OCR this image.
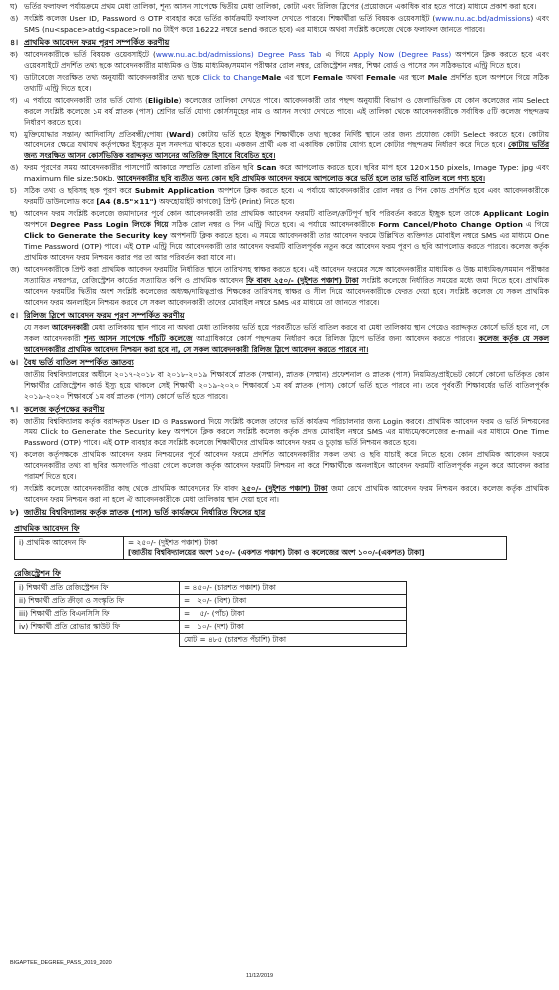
ঘ) ভর্তির ফলাফল পর্যায়ক্রমে প্রথম মেধা তালিকা, শূন্য আসন সাপেক্ষে দ্বিতীয় মেধা তালিকা, কোটা এবং রিলিজ স্লিপের (প্রয়োজনে একাধিক বার হতে পারে) মাধ্যমে প্রকাশ করা হবে।
ঙ) সংশ্লিষ্ট কলেজ User ID, Password ও OTP ব্যবহার করে ভর্তির কার্যক্রমটি ফলাফল দেখতে পারবে। শিক্ষার্থীরা ভর্তি বিষয়ক ওয়েবসাইট (www.nu.ac.bd/admissions) এবং SMS (nu<space>atdg<space>roll no টাইপ করে 16222 নম্বরে send করতে হবে) এর মাধ্যমে অথবা সংশ্লিষ্ট কলেজে থেকে ফলাফল জানতে পারবে।
৪। প্রাথমিক আবেদন ফরম পূরণ সম্পর্কিত করণীয়
ক) আবেদনকারীকে ভর্তি বিষয়ক ওয়েবসাইটে (www.nu.ac.bd/admissions) Degree Pass Tab এ গিয়ে Apply Now (Degree Pass) অপশনে ক্লিক করতে হবে এবং ওয়েবসাইটে প্রদর্শিত তথ্য ছকে আবেদনকারীর মাধ্যমিক ও উচ্চ মাধ্যমিক/সমমান পরীক্ষার রোল নম্বর, রেজিস্ট্রেশন নম্বর, শিক্ষা বোর্ড ও পাসের সন সঠিকভাবে এন্ট্রি দিতে হবে।
খ) ডাটাবেজে সংরক্ষিত তথ্য অনুযায়ী আবেদনকারীর তথ্য ছকে Click to ChangeMale এর স্থলে Female অথবা Female এর স্থলে Male প্রদর্শিত হলে অপশনে গিয়ে সঠিক তথ্যটি এন্ট্রি দিতে হবে।
গ) এ পর্যায়ে আবেদনকারী তার ভর্তি যোগ্য (Eligible) কলেজের তালিকা দেখতে পাবে। আবেদনকারী তার পছন্দ অনুযায়ী বিভাগ ও জেলাভিত্তিক যে কোন কলেজের নাম Select করলে সংশ্লিষ্ট কলেজে ১ম বর্ষ স্নাতক (পাস) শ্রেণির ভর্তি যোগ্য কোর্সসমূহের নাম ও আসন সংখ্যা দেখতে পাবে। এই তালিকা থেকে আবেদনকারীকে সর্বাধিক ৫টি কলেজ পছন্দক্রম নির্ধারণ করতে হবে।
ঘ) মুক্তিযোদ্ধার সন্তান/ আদিবাসি/ প্রতিবন্ধী/পোষ্য (Ward) কোটায় ভর্তি হতে ইচ্ছুক শিক্ষার্থীকে তথ্য ছকের নির্দিষ্ট স্থানে তার জন্য প্রযোজ্য কোটা Select করতে হবে। কোটায় আবেদনের ক্ষেত্রে যথাযথ কর্তৃপক্ষের ইস্যুকৃত মূল সনদপত্র থাকতে হবে। একজন প্রার্থী এক বা একাধিক কোটায় যোগ্য হলে কোটার পছন্দক্রম নির্ধারণ করে দিতে হবে। কোটায় ভর্তির জন্য সংরক্ষিত আসন কোর্সভিত্তিক বরাদ্দকৃত আসনের অতিরিক্ত হিসাবে বিবেচিত হবে।
ঙ) ফরম পূরণের সময় আবেদনকারীর পাসপোর্ট আকারে সম্প্রতি তোলা রঙিন ছবি Scan করে আপলোড করতে হবে। ছবির মাপ হবে 120×150 pixels, Image Type: jpg এবং maximum file size:50Kb. আবেদনকারীর ছবি ব্যতীত অন্য কোন ছবি প্রাথমিক আবেদন ফরমে আপলোড করে ভর্তি হলে তার ভর্তি বাতিল বলে গণ্য হবে।
চ) সঠিক তথ্য ও ছবিসহ ছক পূরণ করে Submit Application অপশনে ক্লিক করতে হবে। এ পর্যায়ে আবেদনকারীর রোল নম্বর ও পিন কোড প্রদর্শিত হবে এবং আবেদনকারীকে ফরমটি ডাউনলোড করে [A4 (8.5"×11") অফহোয়াইট কাগজে] প্রিন্ট (Print) নিতে হবে।
ছ) আবেদন ফরম সংশ্লিষ্ট কলেজে জমাদানের পূর্বে কোন আবেদনকারী তার প্রাথমিক আবেদন ফরমটি বাতিল/ক্রটিপূর্ণ ছবি পরিবর্তন করতে ইচ্ছুক হলে তাকে Applicant Login অপশনে Degree Pass Login লিংকে গিয়ে সঠিক রোল নম্বর ও পিন এন্ট্রি দিতে হবে। এ পর্যায়ে আবেদনকারীকে Form Cancel/Photo Change Option এ গিয়ে Click to Generate the Security key অপশনটি ক্লিক করতে হবে। এ সময়ে আবেদনকারী তার আবেদন ফরমে উল্লিখিত ব্যক্তিগত মোবাইল নম্বরে SMS এর মাধ্যমে One Time Password (OTP) পাবে। এই OTP এন্ট্রি দিয়ে আবেদনকারী তার আবেদন ফরমটি বাতিলপূর্বক নতুন করে আবেদন ফরম পূরণ ও ছবি আপলোড করতে পারবে। কলেজ কর্তৃক প্রাথমিক আবেদন ফরম নিশ্চয়ন করার পর তা আর পরিবর্তন করা যাবে না।
জ) আবেদনকারীকে প্রিন্ট করা প্রাথমিক আবেদন ফরমটির নির্ধারিত স্থানে তারিখসহ স্বাক্ষর করতে হবে। এই আবেদন ফরমের সঙ্গে আবেদনকারীর মাধ্যমিক ও উচ্চ মাধ্যমিক/সমমান পরীক্ষার সত্যায়িত নম্বরপত্র, রেজিস্ট্রেশন কার্ডের সত্যায়িত কপি ও প্রাথমিক আবেদন ফি বাবদ ২৫০/- (দুইশত পঞ্চাশ) টাকা সংশ্লিষ্ট কলেজে নির্ধারিত সময়ের মধ্যে জমা দিতে হবে। প্রাথমিক আবেদন ফরমটির দ্বিতীয় অংশ সংশ্লিষ্ট কলেজের অধ্যক্ষ/দায়িত্বপ্রাপ্ত শিক্ষকের তারিখসহ স্বাক্ষর ও সীল দিয়ে আবেদনকারীকে ফেরত দেয়া হবে। সংশ্লিষ্ট কলেজ যে সকল প্রাথমিক আবেদন ফরম অনলাইনে নিশ্চয়ন করবে সে সকল আবেদনকারী তাদের মোবাইল নম্বরে SMS এর মাধ্যমে তা জানতে পারবে।
৫। রিলিজ স্লিপে আবেদন ফরম পূরণ সম্পর্কিত করণীয়
যে সকল আবেদনকারী মেধা তালিকায় স্থান পাবে না অথবা মেধা তালিকায় ভর্তি হয়ে পরবর্তীতে ভর্তি বাতিল করবে বা মেধা তালিকায় স্থান পেয়েও বরাদ্দকৃত কোর্সে ভর্তি হবে না, সে সকল আবেদনকারী শূন্য আসন সাপেক্ষে পাঁচটি কলেজে আগ্রাধিকারে কোর্স পছন্দক্রম নির্ধারণ করে রিলিজ স্লিপে ভর্তির জন্য আবেদন করতে পারবে। কলেজ কর্তৃক যে সকল আবেদনকারীর প্রাথমিক আবেদন নিশ্চয়ন করা হবে না, সে সকল আবেদনকারী রিলিজ স্লিপে আবেদন করতে পারবে না।
৬। বৈধ ভর্তি বাতিল সম্পর্কিত জ্ঞাতব্য
জাতীয় বিশ্ববিদ্যালয়ের অধীনে ২০১৭-২০১৮ বা ২০১৮-২০১৯ শিক্ষাবর্ষে স্নাতক (সম্মান), স্নাতক (সম্মান) প্রফেশনাল ও স্নাতক (পাস) নিয়মিত/প্রাইভেট কোর্সে কোনো ভর্তিকৃত কোন শিক্ষার্থীর রেজিস্ট্রেশন কার্ড ইস্যু হয়ে থাকলে সেই শিক্ষার্থী ২০১৯-২০২০ শিক্ষাবর্ষে ১ম বর্ষ স্নাতক (পাস) কোর্সে ভর্তি হতে পারবে না। তবে পূর্ববর্তী শিক্ষাবর্ষের ভর্তি বাতিলপূর্বক ২০১৯-২০২০ শিক্ষাবর্ষে ১ম বর্ষ স্নাতক (পাস) কোর্সে ভর্তি হতে পারবে।
৭। কলেজ কর্তৃপক্ষের করণীয়
ক) জাতীয় বিশ্ববিদ্যালয় কর্তৃক বরাদ্দকৃত User ID ও Password দিয়ে সংশ্লিষ্ট কলেজ তাদের ভর্তি কার্যক্রম পরিচালনার জন্য Login করবে। প্রাথমিক আবেদন ফরম ও ভর্তি নিশ্চয়নের সময় Click to Generate the Security key অপশনে ক্লিক করলে সংশ্লিষ্ট কলেজ কর্তৃক প্রদত্ত মোবাইল নম্বরে SMS এর মাধ্যমে/কলেজের e-mail এর মাধ্যমে One Time Password (OTP) পাবে। এই OTP ব্যবহার করে সংশ্লিষ্ট কলেজে শিক্ষার্থীদের প্রাথমিক আবেদন ফরম ও চূড়ান্ত ভর্তি নিশ্চয়ন করতে হবে।
খ) কলেজ কর্তৃপক্ষকে প্রাথমিক আবেদন ফরম নিশ্চয়নের পূর্বে আবেদন ফরমে প্রদর্শিত আবেদনকারীর সকল তথ্য ও ছবি যাচাই করে নিতে হবে। কোন প্রাথমিক আবেদন ফরমে আবেদনকারীর তথ্য বা ছবির অসংগতি পাওয়া গেলে কলেজ কর্তৃক আবেদন ফরমটি নিশ্চয়ন না করে শিক্ষার্থীকে অনলাইনে আবেদন ফরমটি বাতিলপূর্বক নতুন করে আবেদন করার পরামর্শ দিতে হবে।
গ) সংশ্লিষ্ট কলেজে আবেদনকারীর কাছ থেকে প্রাথমিক আবেদনের ফি বাবদ ২৫০/- (দুইশত পঞ্চাশ) টাকা জমা রেখে প্রাথমিক আবেদন ফরম নিশ্চয়ন করবে। কলেজ কর্তৃক প্রাথমিক আবেদন ফরম নিশ্চয়ন করা না হলে ঐ আবেদনকারীকে মেধা তালিকায় স্থান দেয়া হবে না।
৮) জাতীয় বিশ্ববিদ্যালয় কর্তৃক স্নাতক (পাস) ভর্তি কার্যক্রমে নির্ধারিত ফিসের হার
প্রাথমিক আবেদন ফি
i) প্রাথমিক আবেদন ফি	= ২৫০/- (দুইশত পঞ্চাশ) টাকা
[জাতীয় বিশ্ববিদ্যালয়ের অংশ ১৫০/- (একশত পঞ্চাশ) টাকা ও কলেজের অংশ ১০০/-(একশত) টাকা]
রেজিস্ট্রেশন ফি
i) শিক্ষার্থী প্রতি রেজিস্ট্রেশন ফি	= ৪৫০/- (চারশত পঞ্চাশ) টাকা
ii) শিক্ষার্থী প্রতি ক্রীড়া ও সংস্কৃতি ফি	=   ২০/- (বিশ) টাকা
iii) শিক্ষার্থী প্রতি বিএনসিসি ফি	=    ৫/- (পাঁচ) টাকা
iv) শিক্ষার্থী প্রতি রোভার স্কাউট ফি	=   ১০/- (দশ) টাকা
	মোট = ৪৮৫ (চারশত পঁচাশি) টাকা
BIGAPTEE_DEGREE_PASS_2019_2020
11/12/2019
